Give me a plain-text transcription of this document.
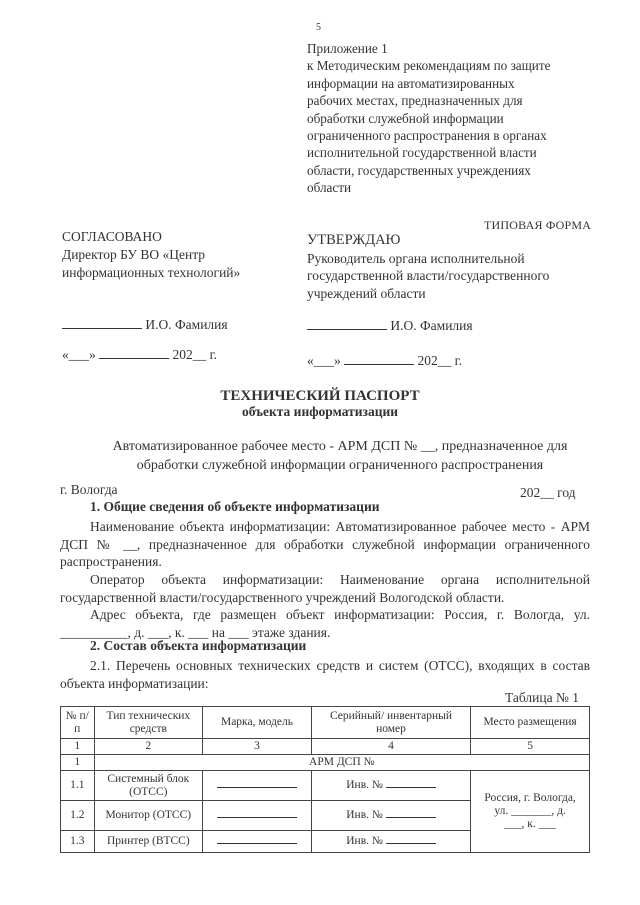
5
Приложение 1
к Методическим рекомендациям по защите
информации на автоматизированных
рабочих местах, предназначенных для
обработки служебной информации
ограниченного распространения в органах
исполнительной государственной власти
области, государственных учреждениях
области
ТИПОВАЯ ФОРМА
СОГЛАСОВАНО
Директор БУ ВО «Центр
информационных технологий»
УТВЕРЖДАЮ
Руководитель органа исполнительной
государственной власти/государственного
учреждений области
И.О. Фамилия	И.О. Фамилия
«___»	202__ г.	«___»	202__ г.
ТЕХНИЧЕСКИЙ ПАСПОРТ
объекта информатизации
Автоматизированное рабочее место - АРМ ДСП № __, предназначенное для
обработки служебной информации ограниченного распространения
г. Вологда	202__ год
1. Общие сведения об объекте информатизации
Наименование объекта информатизации: Автоматизированное рабочее место - АРМ ДСП № __, предназначенное для обработки служебной информации ограниченного распространения.
Оператор объекта информатизации: Наименование органа исполнительной государственной власти/государственного учреждений Вологодской области.
Адрес объекта, где размещен объект информатизации: Россия, г. Вологда, ул. __________, д. ___, к. ___ на ___ этаже здания.
2. Состав объекта информатизации
2.1. Перечень основных технических средств и систем (ОТСС), входящих в состав объекта информатизации:
Таблица № 1
№ п/п	Тип технических средств	Марка, модель	Серийный/ инвентарный номер	Место размещения
1	2	3	4	5
1	АРМ ДСП №			
1.1	Системный блок (ОТСС)		Инв. №	Россия, г. Вологда,
ул. _______, д.
___, к. ___

1.2	Монитор (ОТСС)		Инв. №	
1.3	Принтер (ВТСС)		Инв. №	
